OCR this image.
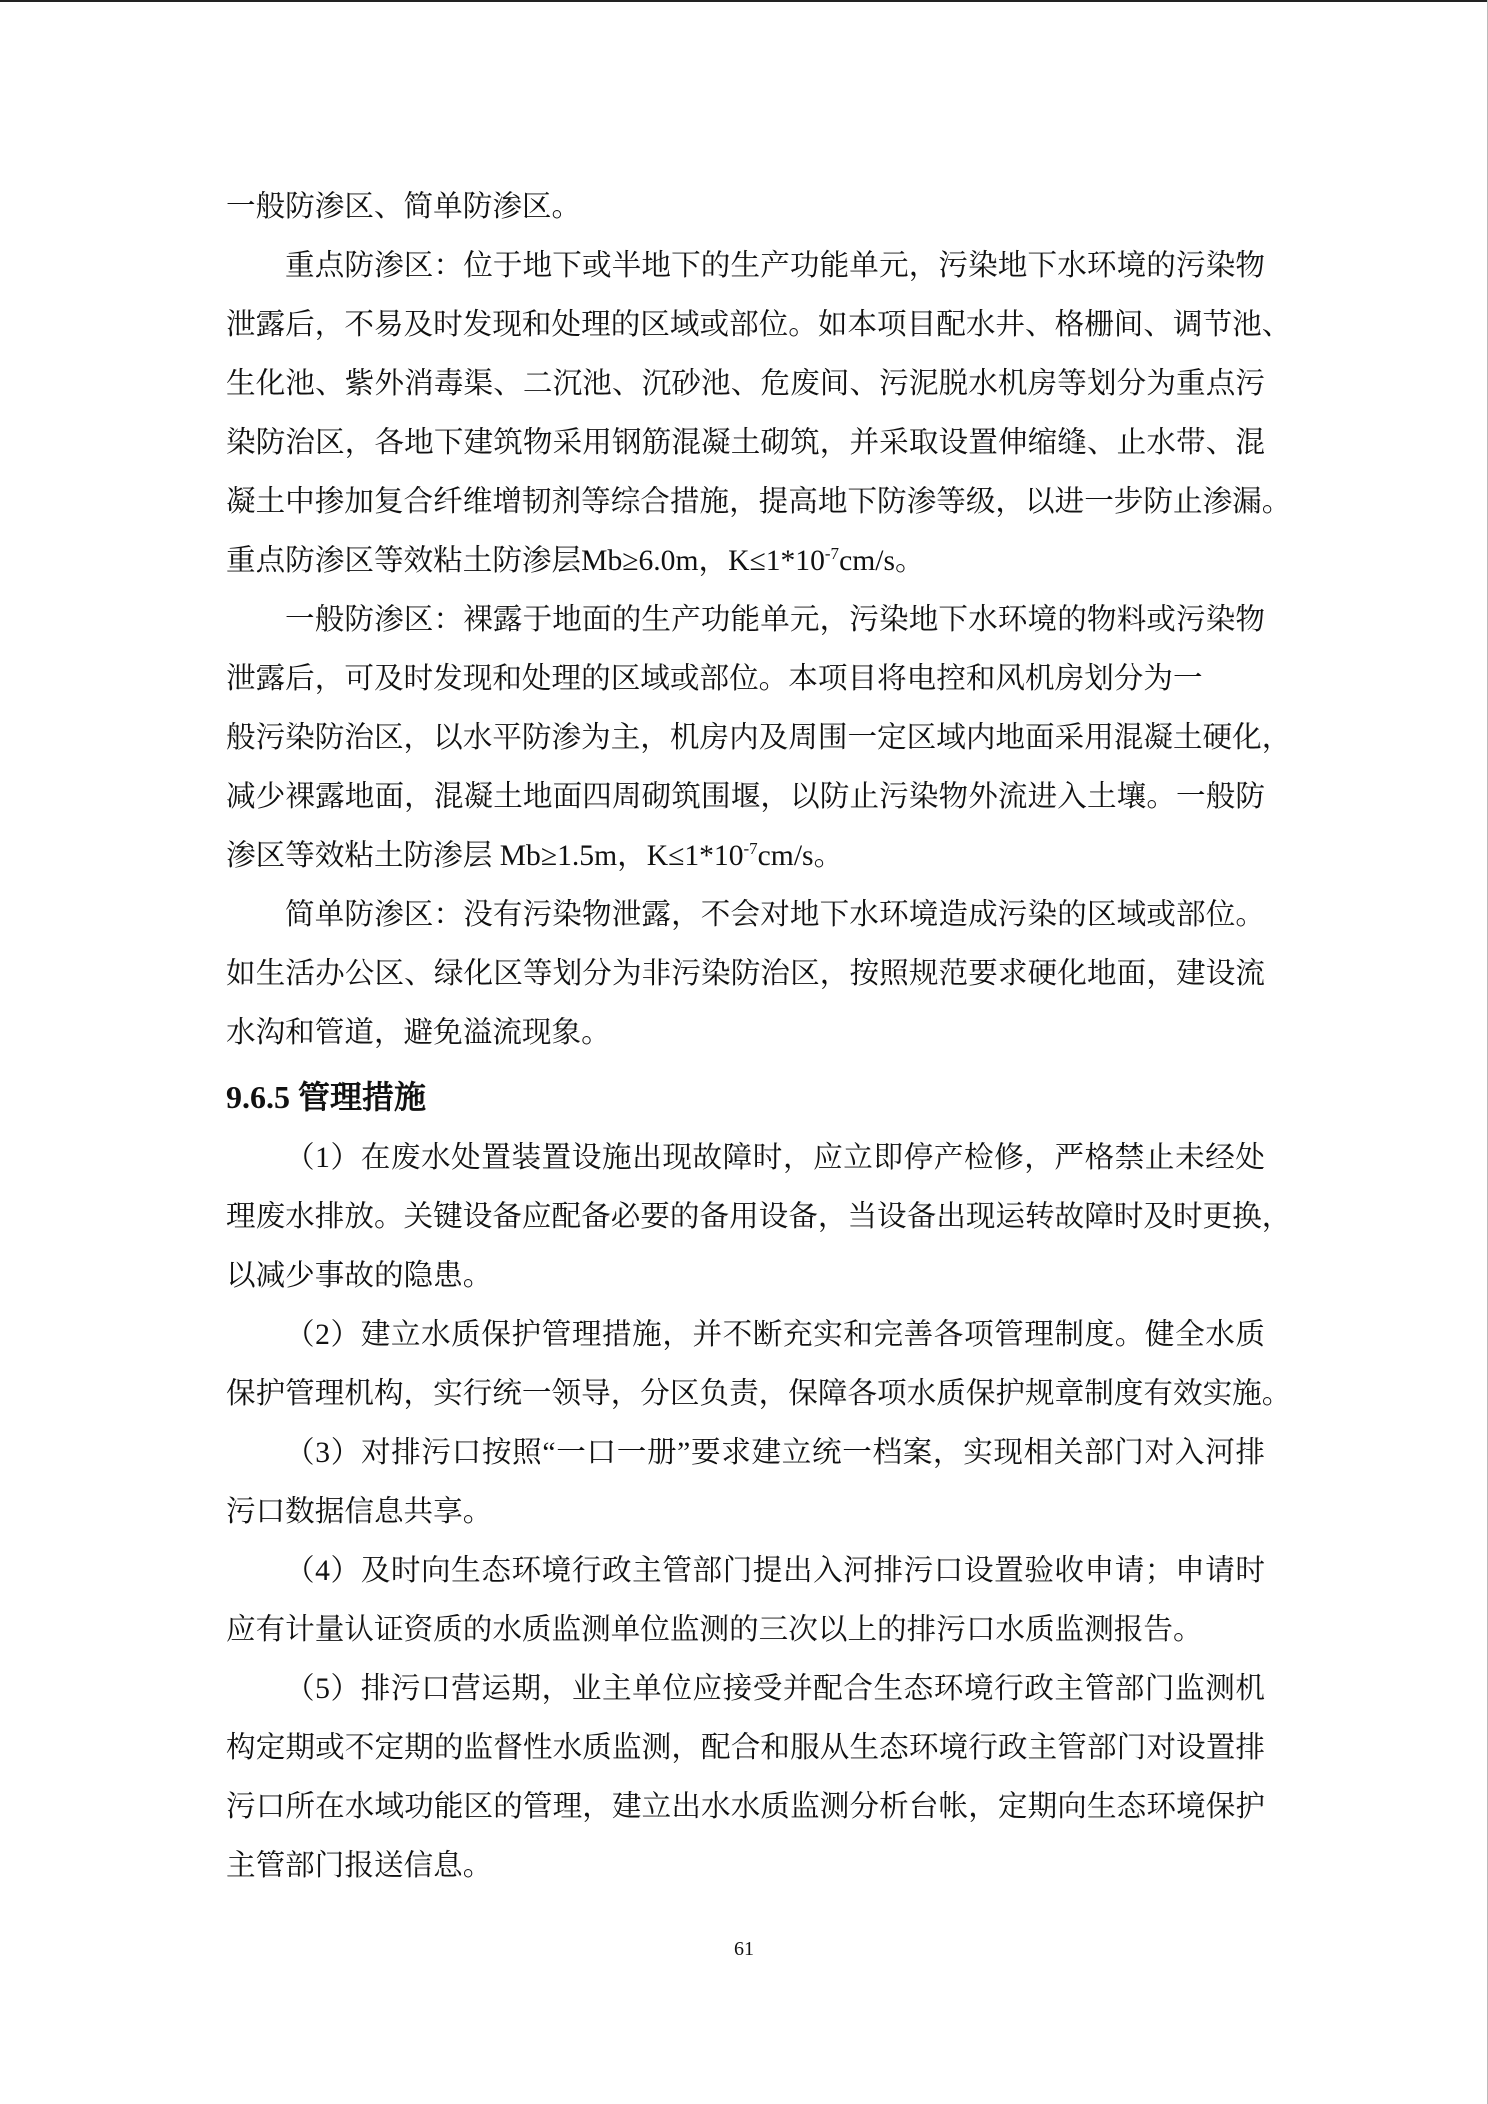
一般防渗区、简单防渗区。
重点防渗区：位于地下或半地下的生产功能单元，污染地下水环境的污染物
泄露后，不易及时发现和处理的区域或部位。如本项目配水井、格栅间、调节池、
生化池、紫外消毒渠、二沉池、沉砂池、危废间、污泥脱水机房等划分为重点污
染防治区，各地下建筑物采用钢筋混凝土砌筑，并采取设置伸缩缝、止水带、混
凝土中掺加复合纤维增韧剂等综合措施，提高地下防渗等级，以进一步防止渗漏。
重点防渗区等效粘土防渗层Mb≥6.0m，$K\le 1*10^{-7}cm/s$。
一般防渗区：裸露于地面的生产功能单元，污染地下水环境的物料或污染物
泄露后，可及时发现和处理的区域或部位。本项目将电控和风机房划分为一
般污染防治区，以水平防渗为主，机房内及周围一定区域内地面采用混凝土硬化，
减少裸露地面，混凝土地面四周砌筑围堰，以防止污染物外流进入土壤。一般防
渗区等效粘土防渗层 Mb≥1.5m，$K\le 1*10^{-7}cm/s$。
简单防渗区：没有污染物泄露，不会对地下水环境造成污染的区域或部位。
如生活办公区、绿化区等划分为非污染防治区，按照规范要求硬化地面，建设流
水沟和管道，避免溢流现象。
9.6.5 管理措施
（1）在废水处置装置设施出现故障时，应立即停产检修，严格禁止未经处
理废水排放。关键设备应配备必要的备用设备，当设备出现运转故障时及时更换，
以减少事故的隐患。
（2）建立水质保护管理措施，并不断充实和完善各项管理制度。健全水质
保护管理机构，实行统一领导，分区负责，保障各项水质保护规章制度有效实施。
（3）对排污口按照“一口一册”要求建立统一档案，实现相关部门对入河排
污口数据信息共享。
（4）及时向生态环境行政主管部门提出入河排污口设置验收申请；申请时
应有计量认证资质的水质监测单位监测的三次以上的排污口水质监测报告。
（5）排污口营运期，业主单位应接受并配合生态环境行政主管部门监测机
构定期或不定期的监督性水质监测，配合和服从生态环境行政主管部门对设置排
污口所在水域功能区的管理，建立出水水质监测分析台帐，定期向生态环境保护
主管部门报送信息。
61
